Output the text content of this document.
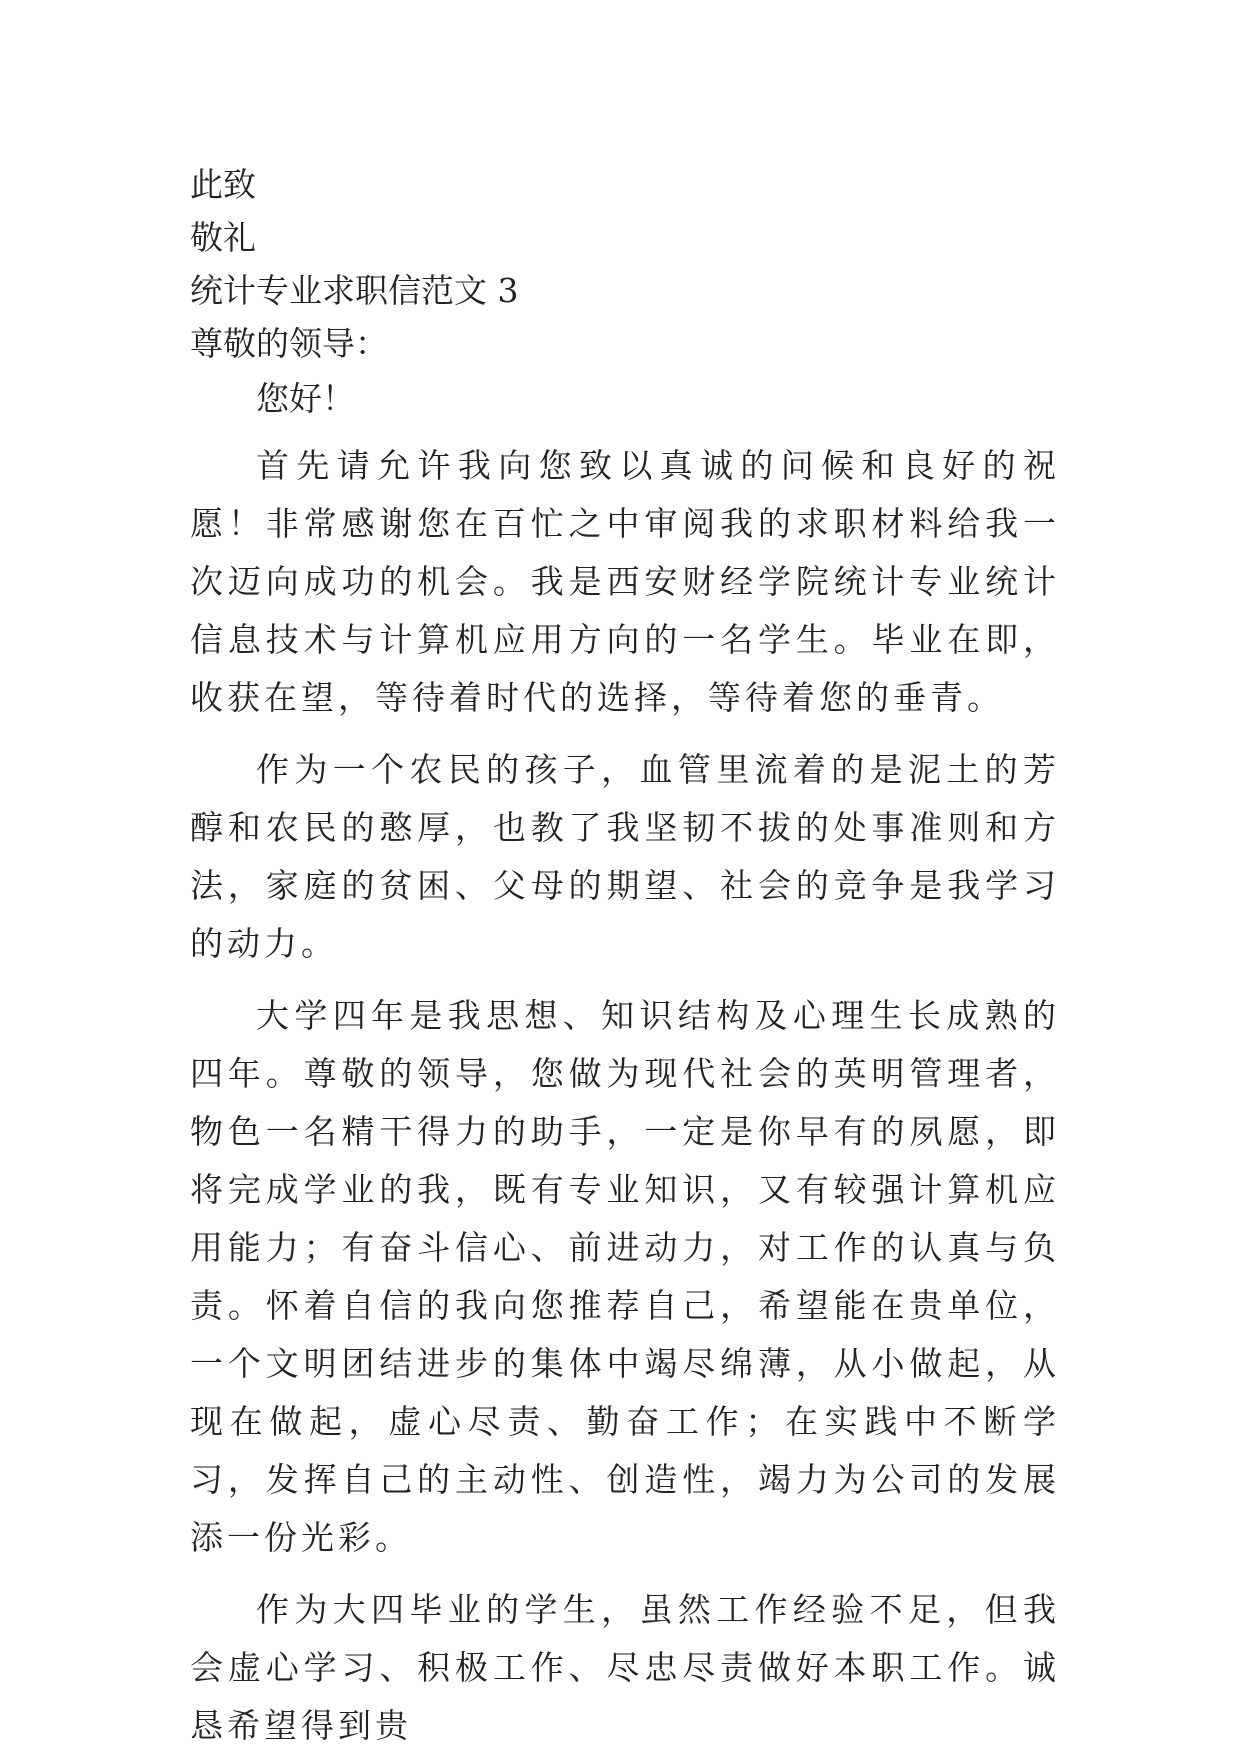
此致

敬礼

统计专业求职信范文 3

尊敬的领导：

您好！

首先请允许我向您致以真诚的问候和良好的祝愿！非常感谢您在百忙之中审阅我的求职材料给我一次迈向成功的机会。我是西安财经学院统计专业统计信息技术与计算机应用方向的一名学生。毕业在即，收获在望，等待着时代的选择，等待着您的垂青。

作为一个农民的孩子，血管里流着的是泥土的芳醇和农民的憨厚，也教了我坚韧不拔的处事准则和方法，家庭的贫困、父母的期望、社会的竞争是我学习的动力。

大学四年是我思想、知识结构及心理生长成熟的四年。尊敬的领导，您做为现代社会的英明管理者，物色一名精干得力的助手，一定是你早有的夙愿，即将完成学业的我，既有专业知识，又有较强计算机应用能力；有奋斗信心、前进动力，对工作的认真与负责。怀着自信的我向您推荐自己，希望能在贵单位，一个文明团结进步的集体中竭尽绵薄，从小做起，从现在做起，虚心尽责、勤奋工作；在实践中不断学习，发挥自己的主动性、创造性，竭力为公司的发展添一份光彩。

作为大四毕业的学生，虽然工作经验不足，但我会虚心学习、积极工作、尽忠尽责做好本职工作。诚恳希望得到贵
